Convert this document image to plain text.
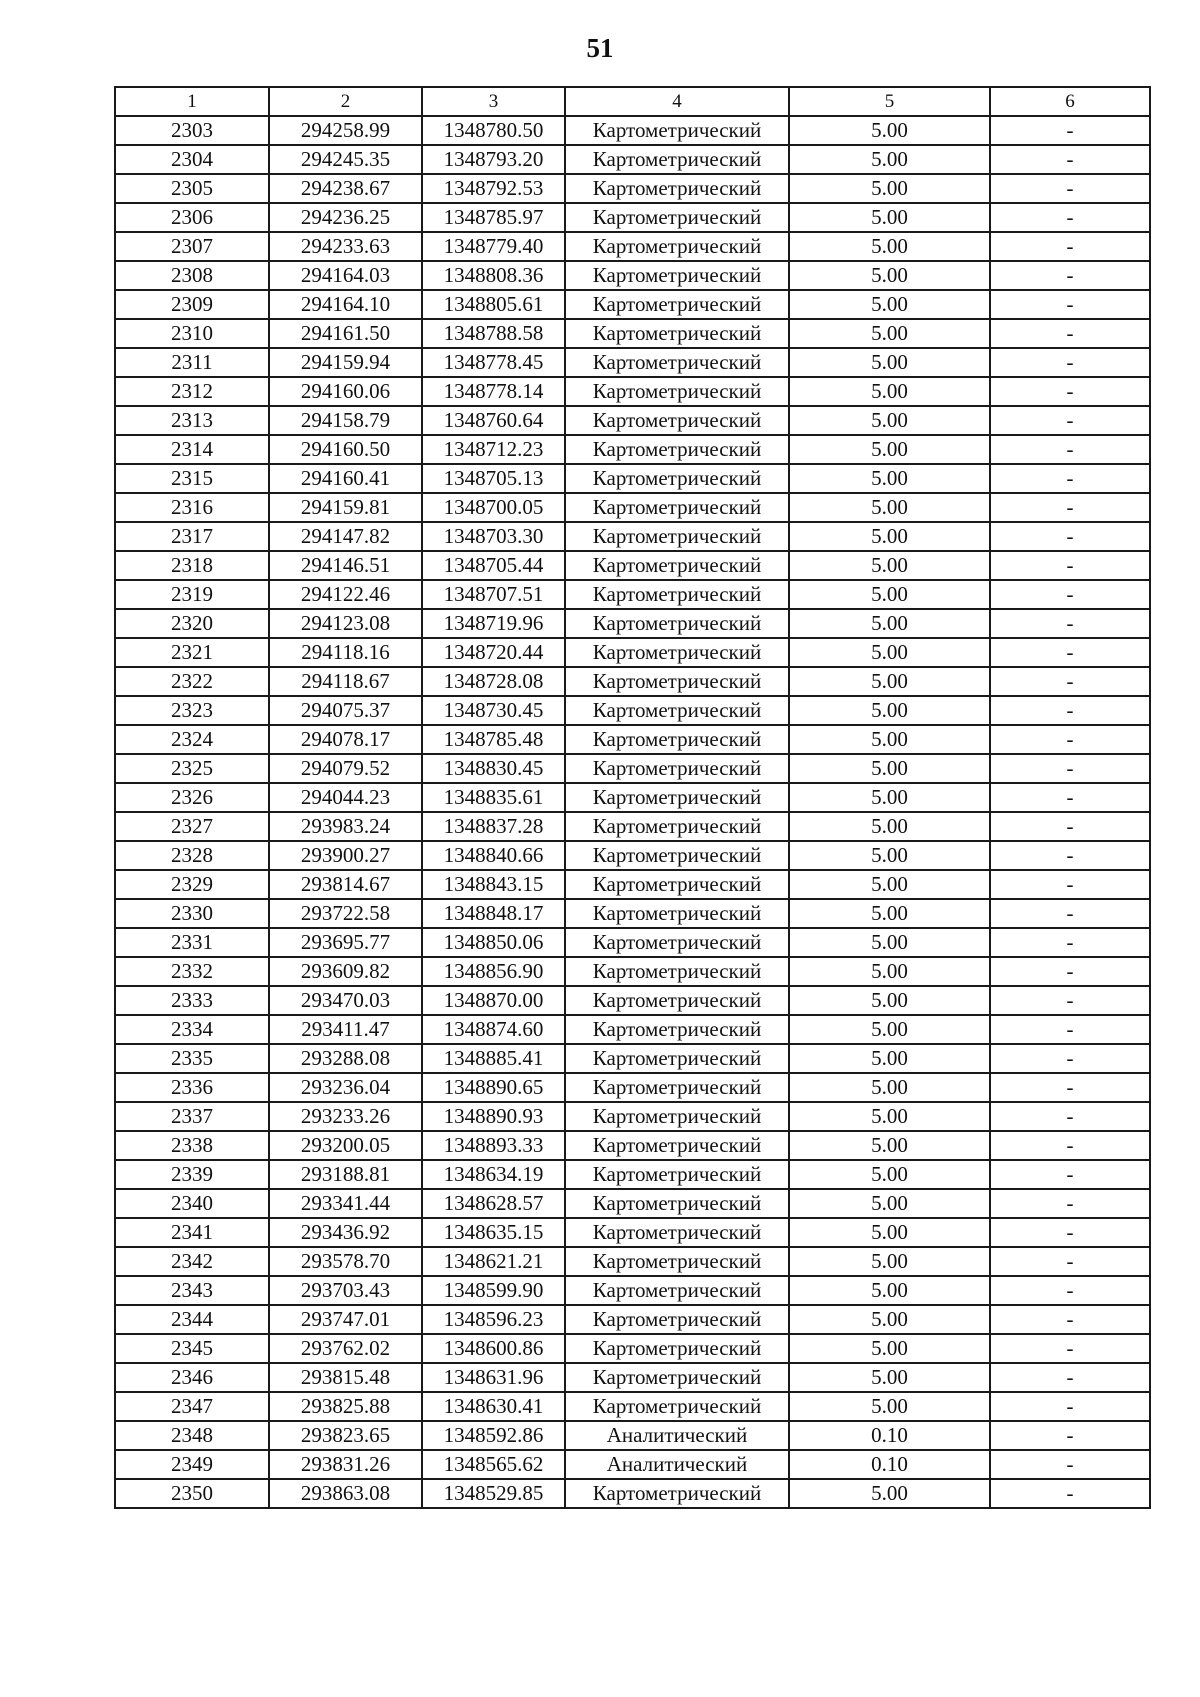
51
1	2	3	4	5	6
2303	294258.99	1348780.50	Картометрический	5.00	-
2304	294245.35	1348793.20	Картометрический	5.00	-
2305	294238.67	1348792.53	Картометрический	5.00	-
2306	294236.25	1348785.97	Картометрический	5.00	-
2307	294233.63	1348779.40	Картометрический	5.00	-
2308	294164.03	1348808.36	Картометрический	5.00	-
2309	294164.10	1348805.61	Картометрический	5.00	-
2310	294161.50	1348788.58	Картометрический	5.00	-
2311	294159.94	1348778.45	Картометрический	5.00	-
2312	294160.06	1348778.14	Картометрический	5.00	-
2313	294158.79	1348760.64	Картометрический	5.00	-
2314	294160.50	1348712.23	Картометрический	5.00	-
2315	294160.41	1348705.13	Картометрический	5.00	-
2316	294159.81	1348700.05	Картометрический	5.00	-
2317	294147.82	1348703.30	Картометрический	5.00	-
2318	294146.51	1348705.44	Картометрический	5.00	-
2319	294122.46	1348707.51	Картометрический	5.00	-
2320	294123.08	1348719.96	Картометрический	5.00	-
2321	294118.16	1348720.44	Картометрический	5.00	-
2322	294118.67	1348728.08	Картометрический	5.00	-
2323	294075.37	1348730.45	Картометрический	5.00	-
2324	294078.17	1348785.48	Картометрический	5.00	-
2325	294079.52	1348830.45	Картометрический	5.00	-
2326	294044.23	1348835.61	Картометрический	5.00	-
2327	293983.24	1348837.28	Картометрический	5.00	-
2328	293900.27	1348840.66	Картометрический	5.00	-
2329	293814.67	1348843.15	Картометрический	5.00	-
2330	293722.58	1348848.17	Картометрический	5.00	-
2331	293695.77	1348850.06	Картометрический	5.00	-
2332	293609.82	1348856.90	Картометрический	5.00	-
2333	293470.03	1348870.00	Картометрический	5.00	-
2334	293411.47	1348874.60	Картометрический	5.00	-
2335	293288.08	1348885.41	Картометрический	5.00	-
2336	293236.04	1348890.65	Картометрический	5.00	-
2337	293233.26	1348890.93	Картометрический	5.00	-
2338	293200.05	1348893.33	Картометрический	5.00	-
2339	293188.81	1348634.19	Картометрический	5.00	-
2340	293341.44	1348628.57	Картометрический	5.00	-
2341	293436.92	1348635.15	Картометрический	5.00	-
2342	293578.70	1348621.21	Картометрический	5.00	-
2343	293703.43	1348599.90	Картометрический	5.00	-
2344	293747.01	1348596.23	Картометрический	5.00	-
2345	293762.02	1348600.86	Картометрический	5.00	-
2346	293815.48	1348631.96	Картометрический	5.00	-
2347	293825.88	1348630.41	Картометрический	5.00	-
2348	293823.65	1348592.86	Аналитический	0.10	-
2349	293831.26	1348565.62	Аналитический	0.10	-
2350	293863.08	1348529.85	Картометрический	5.00	-
